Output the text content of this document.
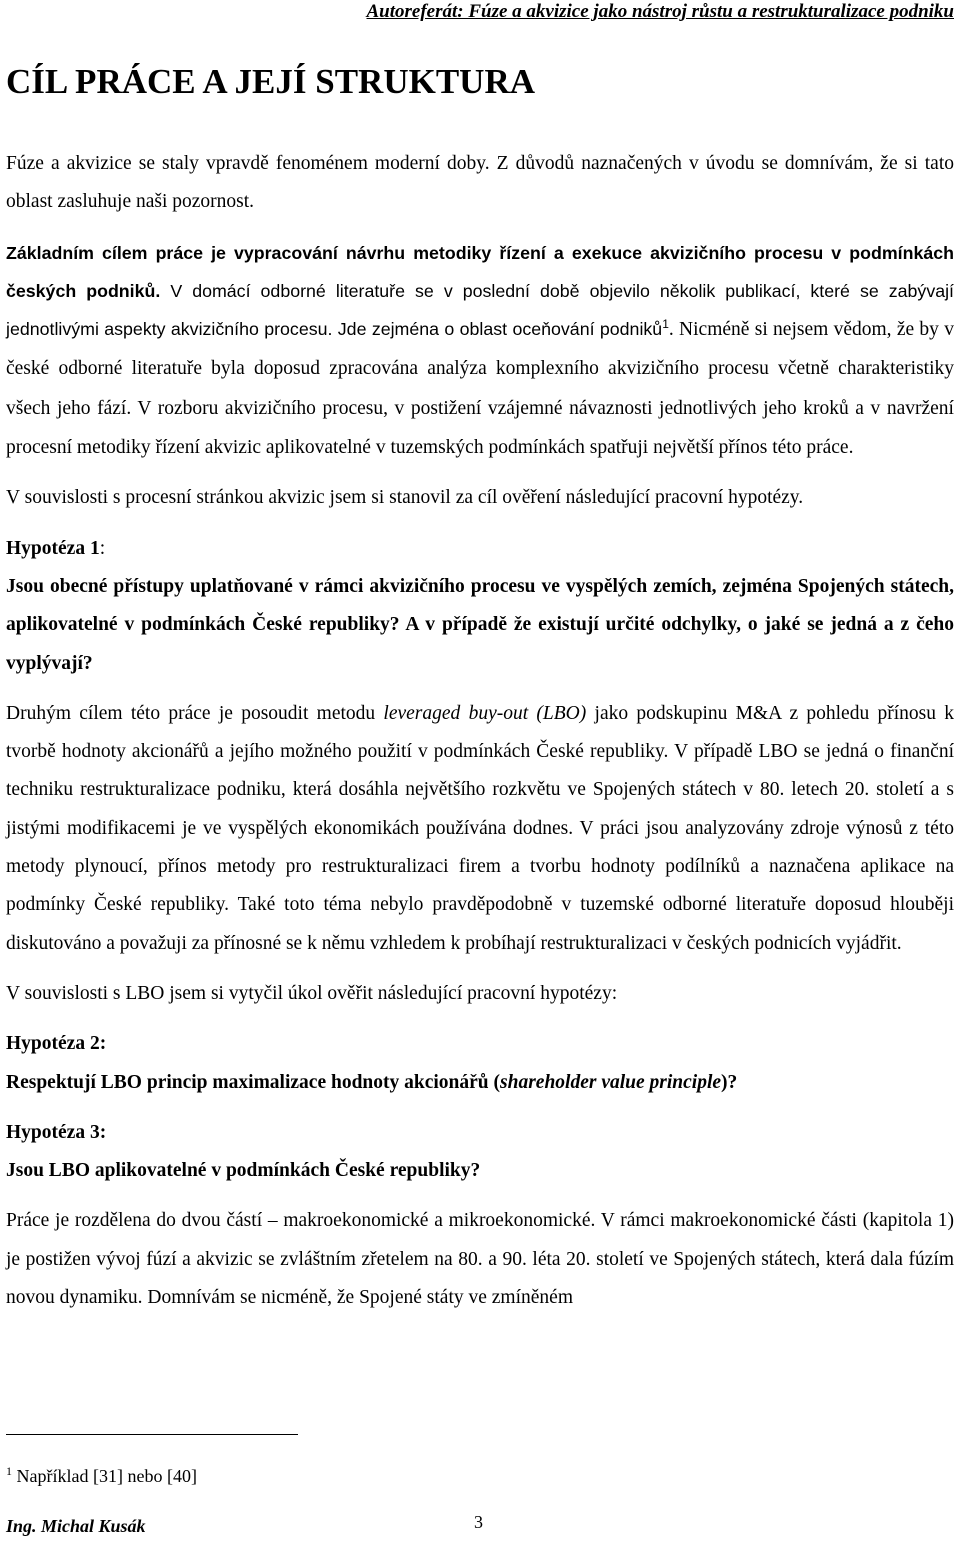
Autoreferát: Fúze a akvizice jako nástroj růstu a restrukturalizace podniku
CÍL PRÁCE A JEJÍ STRUKTURA

Fúze a akvizice se staly vpravdě fenoménem moderní doby. Z důvodů naznačených v úvodu se domnívám, že si tato oblast zasluhuje naši pozornost.

Základním cílem práce je vypracování návrhu metodiky řízení a exekuce akvizičního procesu v podmínkách českých podniků. V domácí odborné literatuře se v poslední době objevilo několik publikací, které se zabývají jednotlivými aspekty akvizičního procesu. Jde zejména o oblast oceňování podniků$^1$. Nicméně si nejsem vědom, že by v české odborné literatuře byla doposud zpracována analýza komplexního akvizičního procesu včetně charakteristiky všech jeho fází. V rozboru akvizičního procesu, v postižení vzájemné návaznosti jednotlivých jeho kroků a v navržení procesní metodiky řízení akvizic aplikovatelné v tuzemských podmínkách spatřuji největší přínos této práce.

V souvislosti s procesní stránkou akvizic jsem si stanovil za cíl ověření následující pracovní hypotézy.

Hypotéza 1:

Jsou obecné přístupy uplatňované v rámci akvizičního procesu ve vyspělých zemích, zejména Spojených státech, aplikovatelné v podmínkách České republiky? A v případě že existují určité odchylky, o jaké se jedná a z čeho vyplývají?

Druhým cílem této práce je posoudit metodu leveraged buy-out (LBO) jako podskupinu M&A z pohledu přínosu k tvorbě hodnoty akcionářů a jejího možného použití v podmínkách České republiky. V případě LBO se jedná o finanční techniku restrukturalizace podniku, která dosáhla největšího rozkvětu ve Spojených státech v 80. letech 20. století a s jistými modifikacemi je ve vyspělých ekonomikách používána dodnes. V práci jsou analyzovány zdroje výnosů z této metody plynoucí, přínos metody pro restrukturalizaci firem a tvorbu hodnoty podílníků a naznačena aplikace na podmínky České republiky. Také toto téma nebylo pravděpodobně v tuzemské odborné literatuře doposud hlouběji diskutováno a považuji za přínosné se k němu vzhledem k probíhají restrukturalizaci v českých podnicích vyjádřit.

V souvislosti s LBO jsem si vytyčil úkol ověřit následující pracovní hypotézy:

Hypotéza 2:

Respektují LBO princip maximalizace hodnoty akcionářů (shareholder value principle)?

Hypotéza 3:

Jsou LBO aplikovatelné v podmínkách České republiky?

Práce je rozdělena do dvou částí – makroekonomické a mikroekonomické. V rámci makroekonomické části (kapitola 1) je postižen vývoj fúzí a akvizic se zvláštním zřetelem na 80. a 90. léta 20. století ve Spojených státech, která dala fúzím novou dynamiku. Domnívám se nicméně, že Spojené státy ve zmíněném

$^1$ Například [31] nebo [40]
Ing. Michal Kusák	3
